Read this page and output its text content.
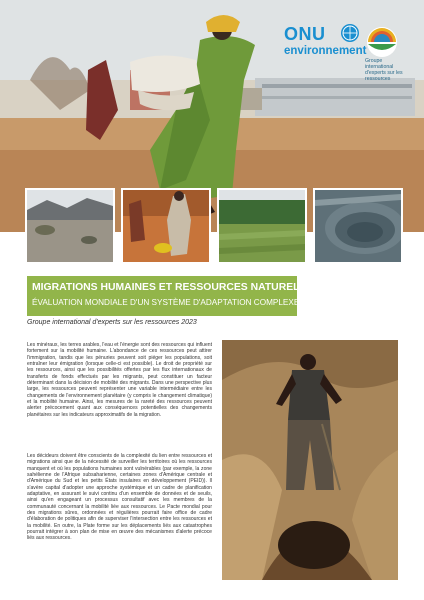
ONU
environnement
Groupe international d'experts sur les ressources
MIGRATIONS HUMAINES ET RESSOURCES NATURELLES
ÉVALUATION MONDIALE D'UN SYSTÈME D'ADAPTATION COMPLEXE
Groupe international d'experts sur les ressources 2023
Les minéraux, les terres arables, l'eau et l'énergie sont des ressources qui influent fortement sur la mobilité humaine. L'abondance de ces ressources peut attirer l'immigration, tandis que les pénuries peuvent soit piéger les populations, soit entraîner leur émigration (lorsque celle-ci est possible). Le droit de propriété sur les ressources, ainsi que les possibilités offertes par les flux internationaux de transferts de fonds effectués par les migrants, peut constituer un facteur déterminant dans la décision de mobilité des migrants. Dans une perspective plus large, les ressources peuvent représenter une variable intermédiaire entre les changements de l'environnement planétaire (y compris le changement climatique) et la mobilité humaine. Ainsi, les mesures de la rareté des ressources peuvent alerter précocement quant aux conséquences potentielles des changements planétaires sur les indicateurs approximatifs de la migration.
Les décideurs doivent être conscients de la complexité du lien entre ressources et migrations ainsi que de la nécessité de surveiller les territoires où les ressources manquent et où les populations humaines sont vulnérables (par exemple, la zone sahélienne de l'Afrique subsaharienne, certaines zones d'Amérique centrale et d'Amérique du Sud et les petits États insulaires en développement (PEID)). Il s'avère capital d'adopter une approche systémique et un cadre de planification adaptative, en assurant le suivi continu d'un ensemble de données et de seuils, ainsi qu'en engageant un processus consultatif avec les membres de la communauté concernant la mobilité liée aux ressources. Le Pacte mondial pour des migrations sûres, ordonnées et régulières pourrait faire office de cadre d'élaboration de politiques afin de superviser l'intersection entre les ressources et la mobilité. En outre, la Plate forme sur les déplacements liés aux catastrophes pourrait intégrer à son plan de mise en œuvre des mécanismes d'alerte précoce liés aux ressources.
